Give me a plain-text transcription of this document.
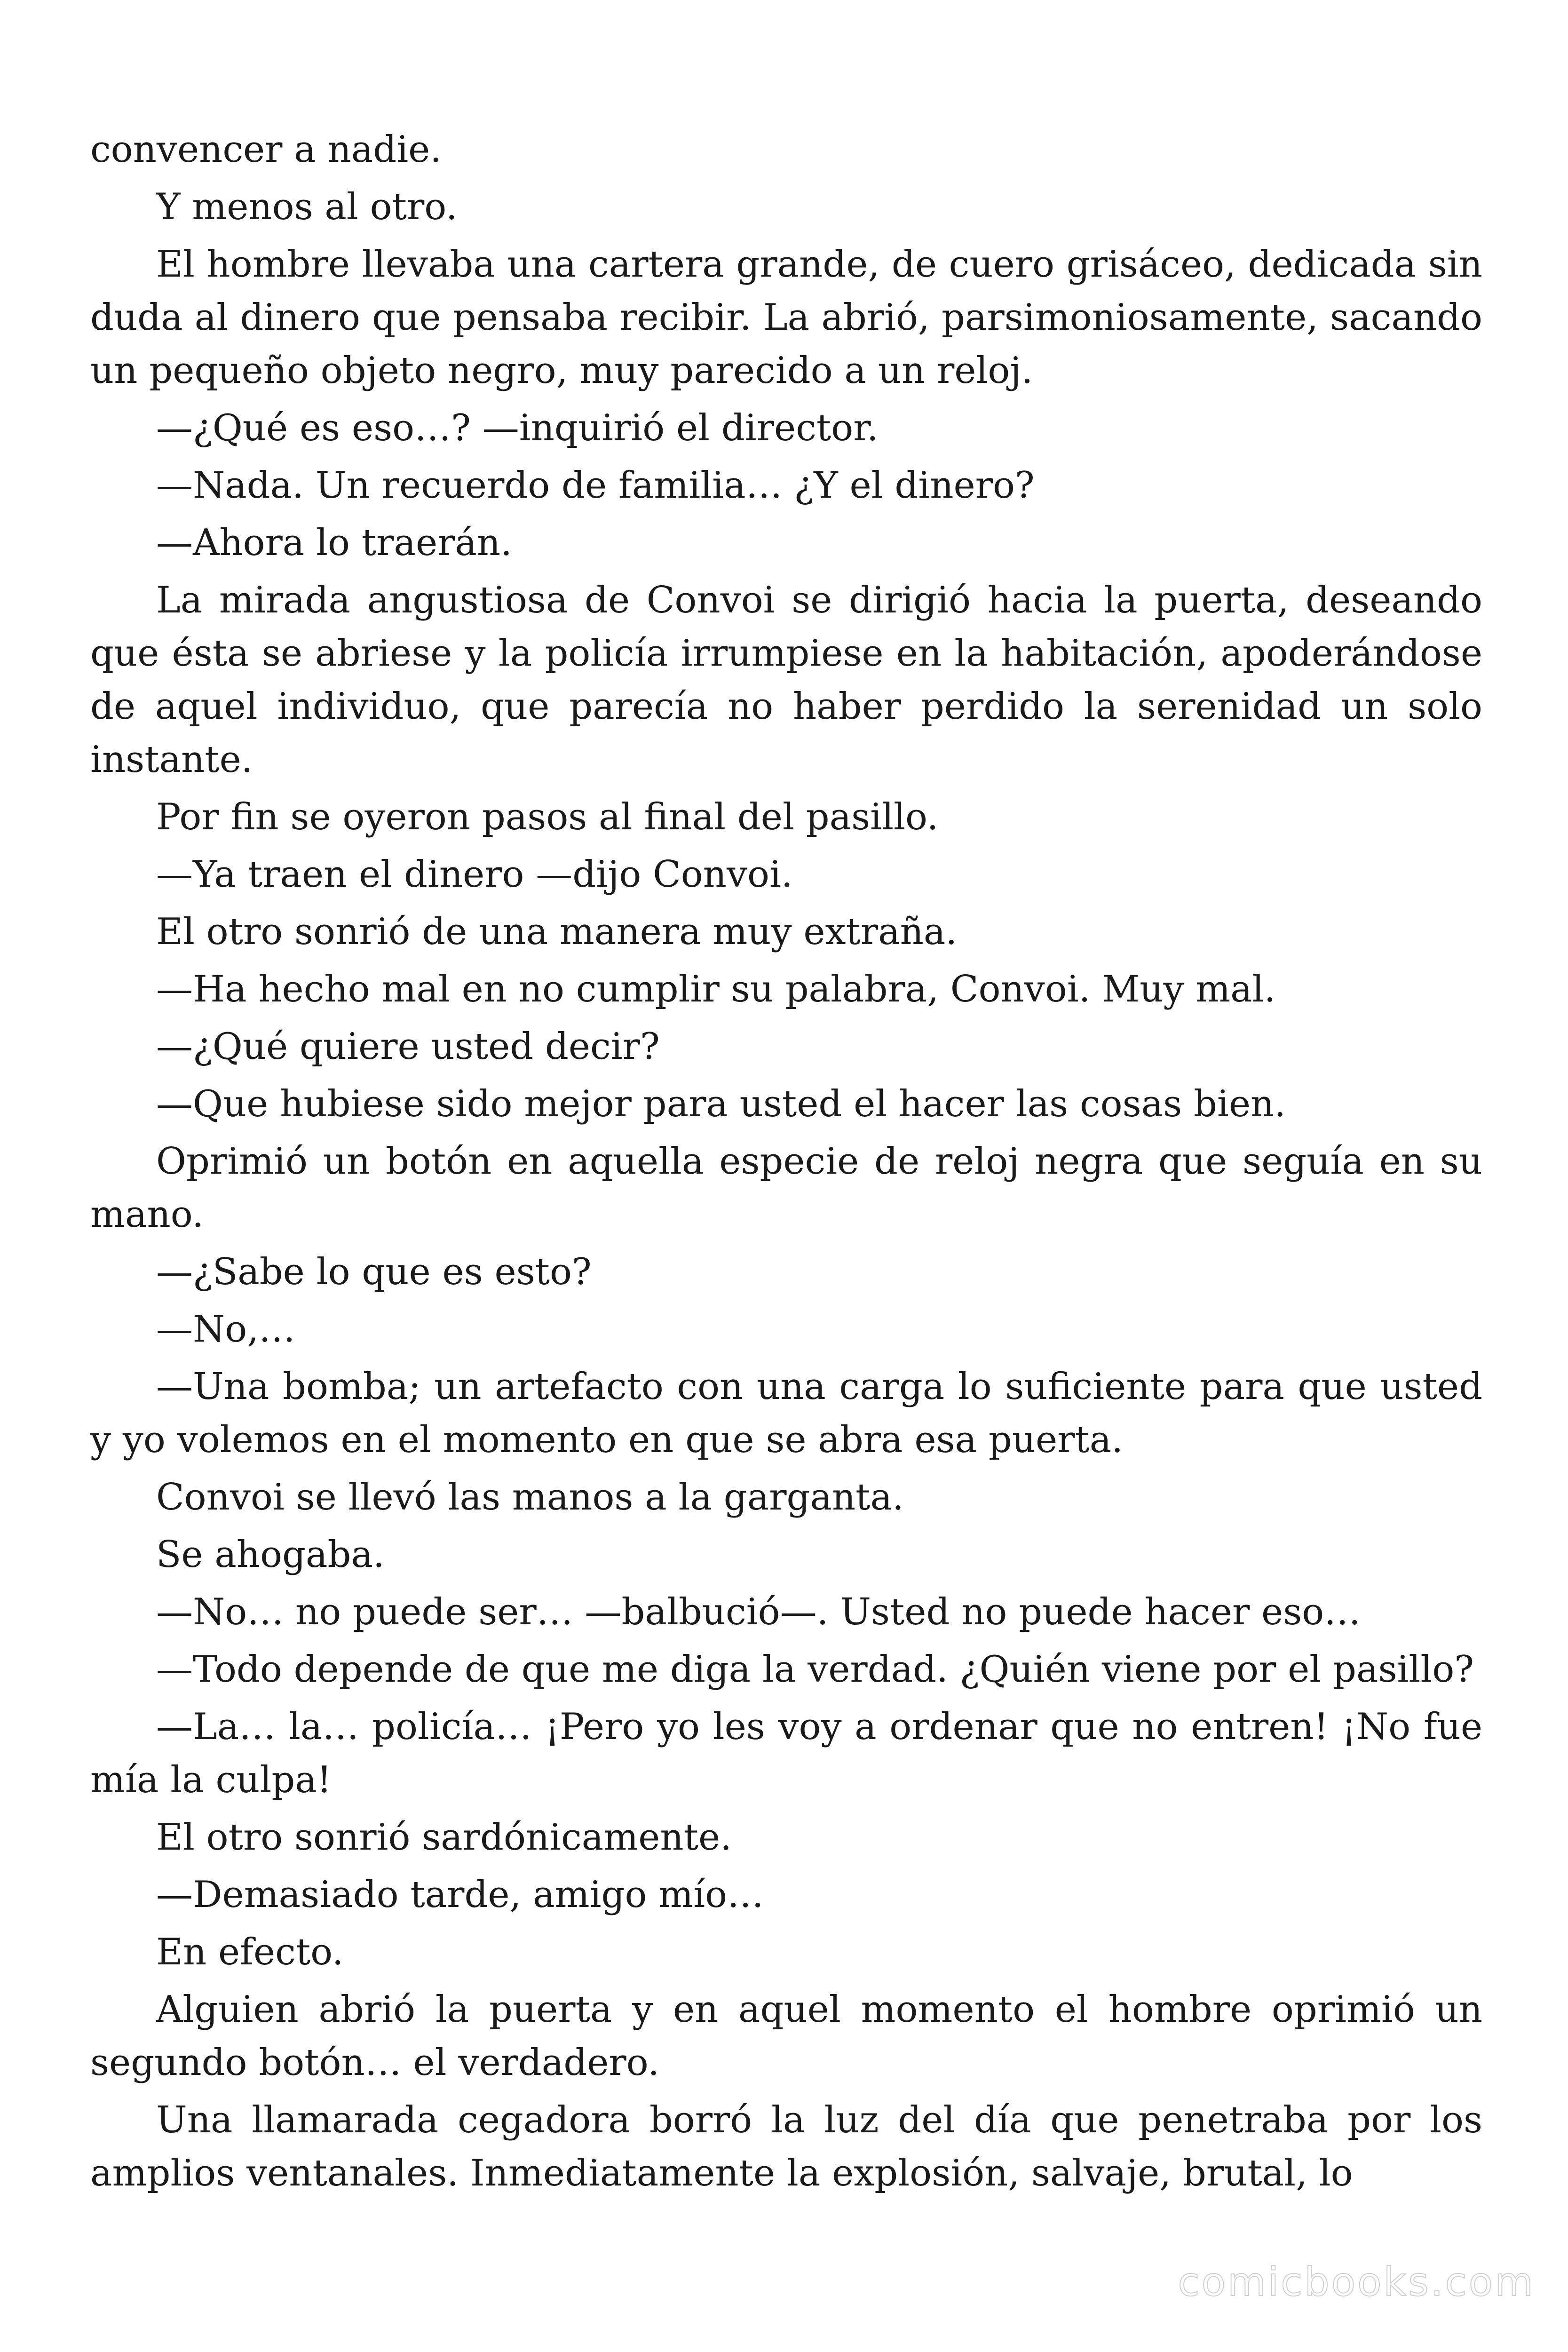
convencer a nadie.

Y menos al otro.

El hombre llevaba una cartera grande, de cuero grisáceo, dedicada sin duda al dinero que pensaba recibir. La abrió, parsimoniosamente, sacando un pequeño objeto negro, muy parecido a un reloj.

—¿Qué es eso…? —inquirió el director.

—Nada. Un recuerdo de familia… ¿Y el dinero?

—Ahora lo traerán.

La mirada angustiosa de Convoi se dirigió hacia la puerta, deseando que ésta se abriese y la policía irrumpiese en la habitación, apoderándose de aquel individuo, que parecía no haber perdido la serenidad un solo instante.

Por fin se oyeron pasos al final del pasillo.

—Ya traen el dinero —dijo Convoi.

El otro sonrió de una manera muy extraña.

—Ha hecho mal en no cumplir su palabra, Convoi. Muy mal.

—¿Qué quiere usted decir?

—Que hubiese sido mejor para usted el hacer las cosas bien.

Oprimió un botón en aquella especie de reloj negra que seguía en su mano.

—¿Sabe lo que es esto?

—No,…

—Una bomba; un artefacto con una carga lo suficiente para que usted y yo volemos en el momento en que se abra esa puerta.

Convoi se llevó las manos a la garganta.

Se ahogaba.

—No… no puede ser… —balbució—. Usted no puede hacer eso…

—Todo depende de que me diga la verdad. ¿Quién viene por el pasillo?

—La… la… policía… ¡Pero yo les voy a ordenar que no entren! ¡No fue mía la culpa!

El otro sonrió sardónicamente.

—Demasiado tarde, amigo mío…

En efecto.

Alguien abrió la puerta y en aquel momento el hombre oprimió un segundo botón… el verdadero.

Una llamarada cegadora borró la luz del día que penetraba por los amplios ventanales. Inmediatamente la explosión, salvaje, brutal, lo

comicbooks.com
